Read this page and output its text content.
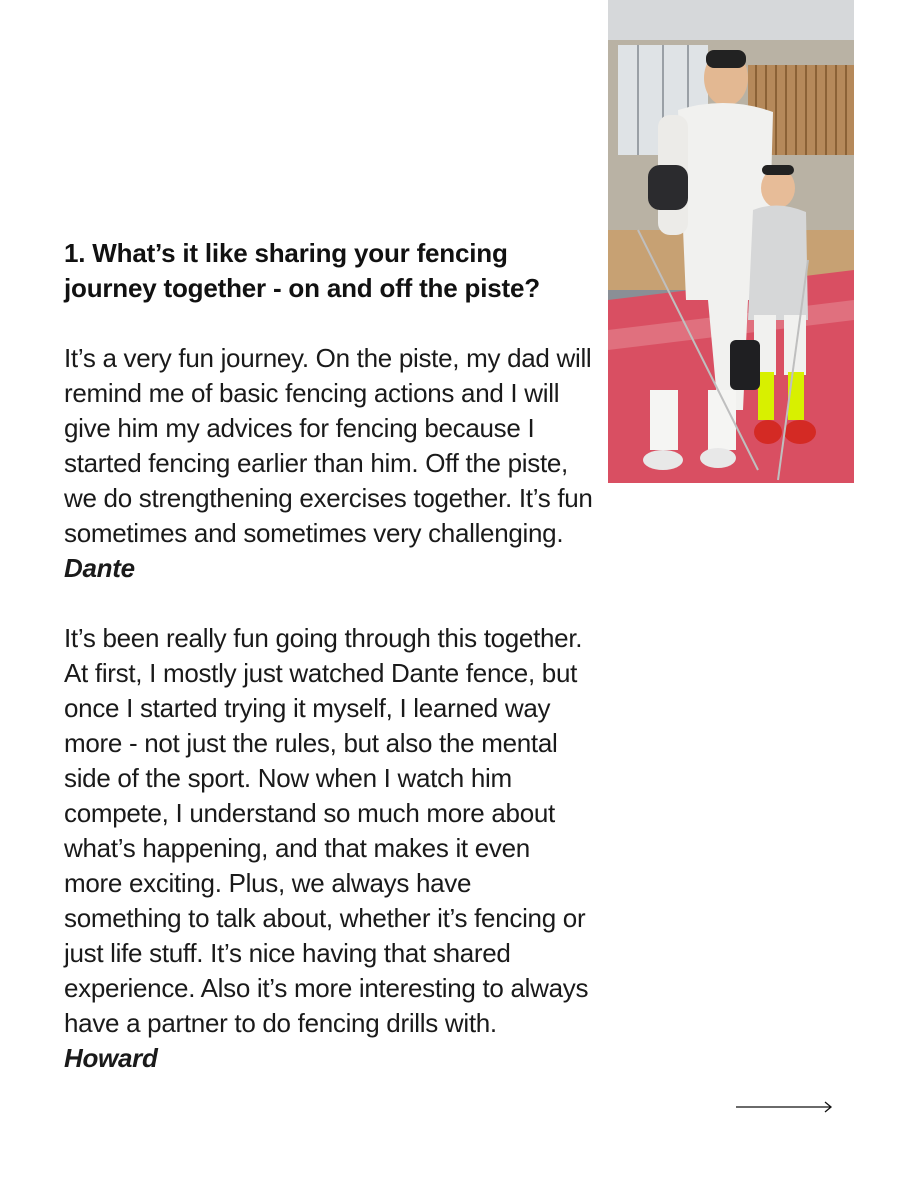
1. What’s it like sharing your fencing journey together - on and off the piste?

It’s a very fun journey. On the piste, my dad will remind me of basic fencing actions and I will give him my advices for fencing because I started fencing earlier than him. Off the piste, we do strengthening exercises together. It’s fun sometimes and sometimes very challenging. Dante

It’s been really fun going through this together. At first, I mostly just watched Dante fence, but once I started trying it myself, I learned way more - not just the rules, but also the mental side of the sport. Now when I watch him compete, I understand so much more about what’s happening, and that makes it even more exciting. Plus, we always have something to talk about, whether it’s fencing or just life stuff. It’s nice having that shared experience. Also it’s more interesting to always have a partner to do fencing drills with. Howard
